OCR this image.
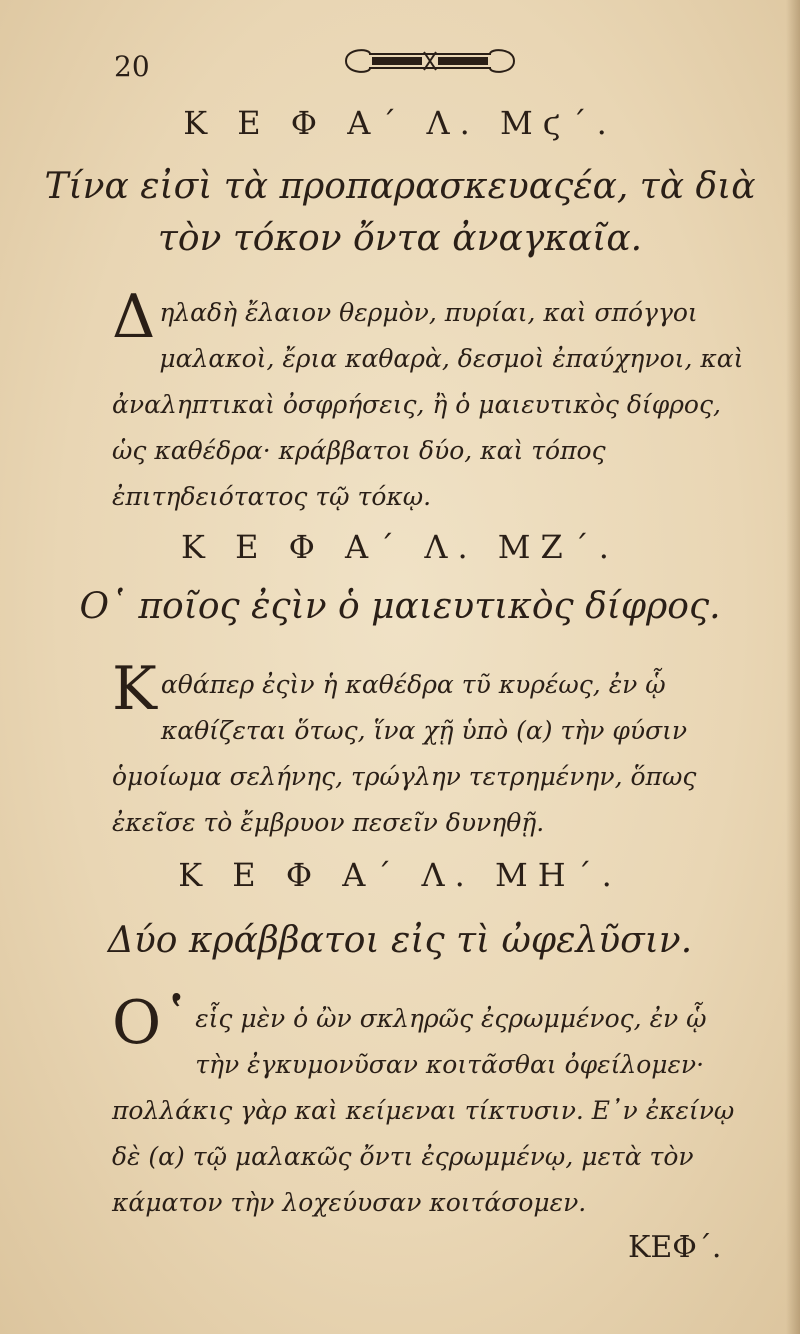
20
Κ Ε Φ Α΄ Λ. Μϛ΄.
Τίνα εἰσὶ τὰ προπαρασκευαςέα, τὰ διὰ
τὸν τόκον ὄντα ἀναγκαῖα.
Δ ηλαδὴ ἔλαιον θερμὸν, πυρίαι, καὶ σπόγγοι μαλακοὶ, ἔρια καθαρὰ, δεσμοὶ ἐπαύχηνοι, καὶ ἀναληπτικαὶ ὀσφρήσεις, ἢ ὁ μαιευτικὸς δίφρος, ὡς καθέδρα· κράββατοι δύο, καὶ τόπος ἐπιτηδειότατος τῷ τόκῳ.
Κ Ε Φ Α΄ Λ. ΜΖ΄.
Ο῾ ποῖος ἐςὶν ὁ μαιευτικὸς δίφρος.
Κ αθάπερ ἐςὶν ἡ καθέδρα τῦ κυρέως, ἐν ᾧ καθίζεται ὅτως, ἵνα χῇ ὑπὸ (α) τὴν φύσιν ὁμοίωμα σελήνης, τρώγλην τετρημένην, ὅπως ἐκεῖσε τὸ ἔμβρυον πεσεῖν δυνηθῇ.
Κ Ε Φ Α΄ Λ. ΜΗ΄.
Δύο κράββατοι εἰς τὶ ὠφελῦσιν.
Ο῾ εἷς μὲν ὁ ὢν σκληρῶς ἐςρωμμένος, ἐν ᾧ τὴν ἐγκυμονῦσαν κοιτᾶσθαι ὀφείλομεν· πολλάκις γὰρ καὶ κείμεναι τίκτυσιν. Ε᾿ν ἐκείνῳ δὲ (α) τῷ μαλακῶς ὄντι ἐςρωμμένῳ, μετὰ τὸν κάματον τὴν λοχεύυσαν κοιτάσομεν.
ΚΕΦ΄.
